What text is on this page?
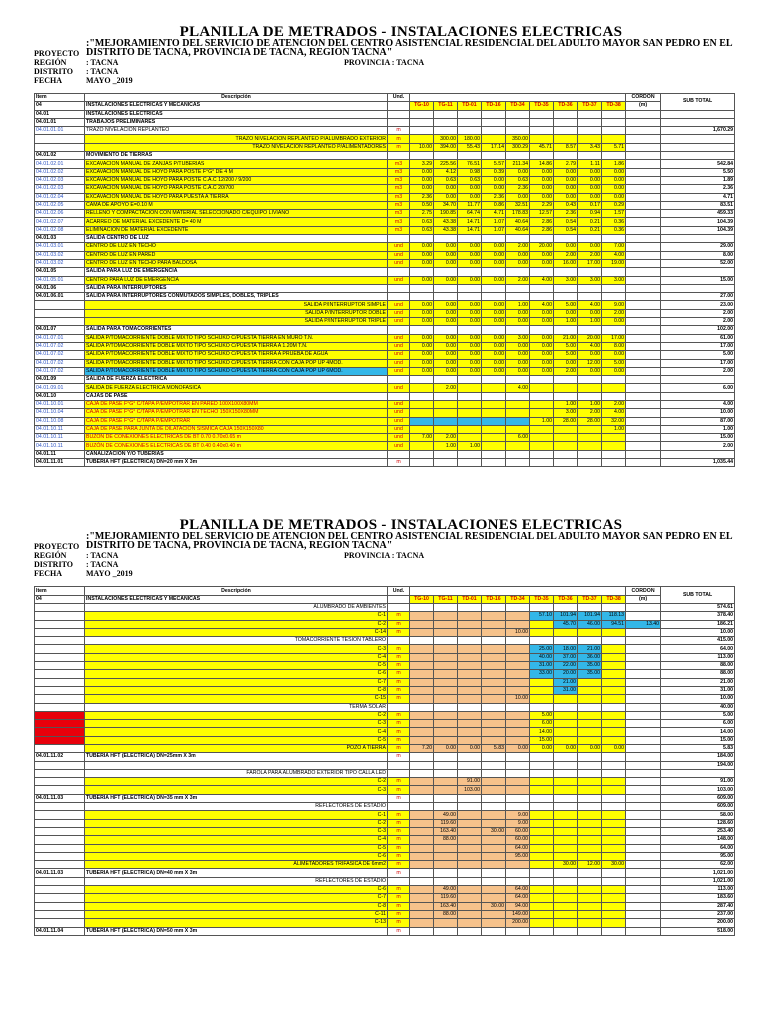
PLANILLA DE METRADOS - INSTALACIONES ELECTRICAS
PROYECTO
:"MEJORAMIENTO DEL SERVICIO DE ATENCION DEL CENTRO ASISTENCIAL RESIDENCIAL DEL ADULTO MAYOR SAN PEDRO EN EL DISTRITO DE TACNA, PROVINCIA DE TACNA, REGION TACNA"
REGIÓN	: TACNA	PROVINCIA : TACNA
DISTRITO	: TACNA
FECHA	MAYO _2019
Item	Descripción	Und.										CORDON	SUB TOTAL
04	INSTALACIONES ELECTRICAS Y MECANICAS		TG-10	TG-11	TD-01	TD-16	TD-34	TD-35	TD-36	TD-37	TD-38	(m)	
04.01	INSTALACIONES ELECTRICAS												
04.01.01	TRABAJOS PRELIMINARES												
04.01.01.01	TRAZO NIVELACION REPLANTEO	m											1,670.29
	TRAZO NIVELACION REPLANTEO P/ALUMBRADO EXTERIOR	m		300.00	180.00		350.00						
	TRAZO NIVELACION REPLANTEO P/ALIMENTADORES	m	10.00	394.00	55.43	17.14	300.29	45.71	8.57	3.43	5.71		
04.01.02	MOVIMIENTO DE TIERRAS												
04.01.02.01	EXCAVACION MANUAL DE ZANJAS P/TUBERIAS	m3	3.29	225.56	76.51	5.57	211.34	14.86	2.79	1.11	1.86		542.84
04.01.02.02	EXCAVACION MANUAL DE HOYO PARA POSTE F°G° DE 4 M	m3	0.00	4.12	0.98	0.39	0.00	0.00	0.00	0.00	0.00		5.50
04.01.02.03	EXCAVACION MANUAL DE HOYO PARA POSTE C.A.C 12/200 / 9/200	m3	0.00	0.63	0.63	0.00	0.63	0.00	0.00	0.00	0.00		1.89
04.01.02.03	EXCAVACION MANUAL DE HOYO PARA POSTE C.A.C 20/700	m3	0.00	0.00	0.00	0.00	2.36	0.00	0.00	0.00	0.00		2.36
04.01.02.04	EXCAVACION MANUAL DE HOYO PARA PUESTA A TIERRA	m3	2.36	0.00	0.00	2.36	0.00	0.00	0.00	0.00	0.00		4.71
04.01.02.05	CAMA DE APOYO E=0.10 M	m3	0.50	34.70	11.77	0.86	32.51	2.29	0.43	0.17	0.29		83.51
04.01.02.06	RELLENO Y COMPACTACION CON MATERIAL SELECCIONADO C/EQUIPO LIVIANO	m3	2.75	190.85	64.74	4.71	178.83	12.57	2.36	0.94	1.57		459.33
04.01.02.07	ACARREO DE MATERIAL EXCEDENTE D= 40 M	m3	0.63	43.38	14.71	1.07	40.64	2.86	0.54	0.21	0.36		104.39
04.01.02.08	ELIMINACION DE MATERIAL EXCEDENTE	m3	0.63	43.38	14.71	1.07	40.64	2.86	0.54	0.21	0.36		104.39
04.01.03	SALIDA CENTRO DE LUZ												
04.01.03.01	CENTRO DE LUZ EN TECHO	und	0.00	0.00	0.00	0.00	2.00	20.00	0.00	0.00	7.00		29.00
04.01.03.02	CENTRO DE LUZ EN PARED	und	0.00	0.00	0.00	0.00	0.00	0.00	2.00	2.00	4.00		8.00
04.01.03.02	CENTRO DE LUZ EN TECHO PARA BALDOSA	und	0.00	0.00	0.00	0.00	0.00	0.00	16.00	17.00	19.00		52.00
04.01.05	SALIDA PARA LUZ DE EMERGENCIA												
04.01.05.01	CENTRO PARA LUZ DE EMERGENCIA	und	0.00	0.00	0.00	0.00	2.00	4.00	3.00	3.00	3.00		15.00
04.01.06	SALIDA PARA INTERRUPTORES												
04.01.06.01	SALIDA PARA INTERRUPTORES CONMUTADOS SIMPLES, DOBLES, TRIPLES												27.00
	SALIDA P/INTERRUPTOR SIMPLE	und	0.00	0.00	0.00	0.00	1.00	4.00	5.00	4.00	9.00		23.00
	SALIDA P/INTERRUPTOR DOBLE	und	0.00	0.00	0.00	0.00	0.00	0.00	0.00	0.00	2.00		2.00
	SALIDA P/INTERRUPTOR TRIPLE	und	0.00	0.00	0.00	0.00	0.00	0.00	1.00	1.00	0.00		2.00
04.01.07	SALIDA PARA TOMACORRIENTES												102.00
04.01.07.01	SALIDA P/TOMACORRIENTE DOBLE MIXTO TIPO SCHUKO C/PUESTA TIERRA EN MURO T.N.	und	0.00	0.00	0.00	0.00	3.00	0.00	21.00	20.00	17.00		61.00
04.01.07.02	SALIDA P/TOMACORRIENTE DOBLE MIXTO TIPO SCHUKO C/PUESTA TIERRA A 1.20M T.N.	und	0.00	0.00	0.00	0.00	0.00	0.00	5.00	4.00	8.00		17.00
04.01.07.02	SALIDA P/TOMACORRIENTE DOBLE MIXTO TIPO SCHUKO C/PUESTA TIERRA A PRUEBA DE AGUA	und	0.00	0.00	0.00	0.00	0.00	0.00	5.00	0.00	0.00		5.00
04.01.07.02	SALIDA P/TOMACORRIENTE DOBLE MIXTO TIPO SCHUKO C/PUESTA TIERRA CON CAJA POP UP 4MOD.	und	0.00	0.00	0.00	0.00	0.00	0.00	0.00	12.00	5.00		17.00
04.01.07.02	SALIDA P/TOMACORRIENTE DOBLE MIXTO TIPO SCHUKO C/PUESTA TIERRA CON CAJA POP UP 6MOD.	und	0.00	0.00	0.00	0.00	0.00	0.00	2.00	0.00	0.00		2.00
04.01.09	SALIDA DE FUERZA ELECTRICA												
04.01.09.01	SALIDA DE FUERZA ELECTRICA MONOFASICA	und		2.00			4.00						6.00
04.01.10	CAJAS DE PASE												
04.01.10.01	CAJA DE PASE F°G° C/TAPA P/EMPOTRAR EN PARED 100X100X80MM	und							1.00	1.00	2.00		4.00
04.01.10.04	CAJA DE PASE F°G° C/TAPA P/EMPOTRAR EN TECHO 150X150X80MM	und							3.00	2.00	4.00		10.00
04.01.10.08	CAJA DE PASE F°G° C/TAPA P/EMPOTRAR	und						1.00	28.00	28.00	32.00		87.00
04.01.10.11	CAJA DE PASE PARA JUNTA DE DILATACION SISMICA CAJA 150X150X80	und									1.00		1.00
04.01.10.11	BUZÓN DE CONEXIONES ELECTRICAS DE BT 0.70 0.70x0.65 m	und	7.00	2.00			6.00						15.00
04.01.10.11	BUZÓN DE CONEXIONES ELECTRICAS DE BT 0.40 0.40x0.40 m	und		1.00	1.00								2.00
04.01.11	CANALIZACION Y/O TUBERIAS												
04.01.11.01	TUBERIA HFT (ELECTRICA) DN=20 mm X 3m	m											1,035.44
PLANILLA DE METRADOS - INSTALACIONES ELECTRICAS
PROYECTO
:"MEJORAMIENTO DEL SERVICIO DE ATENCION DEL CENTRO ASISTENCIAL RESIDENCIAL DEL ADULTO MAYOR SAN PEDRO EN EL DISTRITO DE TACNA, PROVINCIA DE TACNA, REGION TACNA"
REGIÓN	: TACNA	PROVINCIA : TACNA
DISTRITO	: TACNA
FECHA	MAYO _2019
Item	Descripción	Und.										CORDON	SUB TOTAL
04	INSTALACIONES ELECTRICAS Y MECANICAS		TG-10	TG-11	TD-01	TD-16	TD-34	TD-35	TD-36	TD-37	TD-38	(m)	
	ALUMBRADO DE AMBIENTES												574.61
	C-1	m						57.10	101.94	101.94	118.13		378.40
	C-2	m							45.70	46.00	94.51	13.40	186.21
	C-14	m					10.00						10.00
	TOMACORRIENTE TESION TABLERO												415.00
	C-3	m						25.00	18.00	21.00			64.00
	C-4	m						40.00	37.00	36.00			113.00
	C-5	m						31.00	22.00	35.00			88.00
	C-6	m						33.00	20.00	35.00			88.00
	C-7	m							21.00				21.00
	C-8	m							31.00				31.00
	C-15	m					10.00						10.00
	TERMA SOLAR												40.00
	C-2	m						5.00					5.00
	C-3	m						6.00					6.00
	C-4	m						14.00					14.00
	C-5	m						15.00					15.00
	POZO A TIERRA	m	7.20	0.00	0.00	5.83	0.00	0.00	0.00	0.00	0.00		5.83
04.01.11.02	TUBERIA HFT (ELECTRICA) DN=25mm X 3m	m											184.00
													194.00
	FAROLA PARA ALUMBRADO EXTERIOR TIPO CALLA LED												
	C-2	m			91.00								91.00
	C-3	m			103.00								103.00
04.01.11.03	TUBERIA HFT (ELECTRICA) DN=35 mm X 3m	m											609.00
	REFLECTORES DE ESTADIO												609.00
	C-1	m		49.00			9.00						58.00
	C-2	m		119.60			9.00						128.60
	C-3	m		163.40		30.00	60.00						253.40
	C-4	m		88.00			60.00						148.00
	C-5	m					64.00						64.00
	C-6	m					95.00						95.00
	ALIMETADORES TRIFASICA DE 6mm2	m							30.00	12.00	30.00		62.00
04.01.11.03	TUBERIA HFT (ELECTRICA) DN=40 mm X 3m	m											1,021.00
	REFLECTORES DE ESTADIO												1,021.00
	C-6	m		49.00			64.00						113.00
	C-7	m		119.60			64.00						183.60
	C-8	m		163.40		30.00	94.00						287.40
	C-11	m		88.00			149.00						237.00
	C-13	m					200.00						200.00
04.01.11.04	TUBERIA HFT (ELECTRICA) DN=50 mm X 3m	m											518.00
